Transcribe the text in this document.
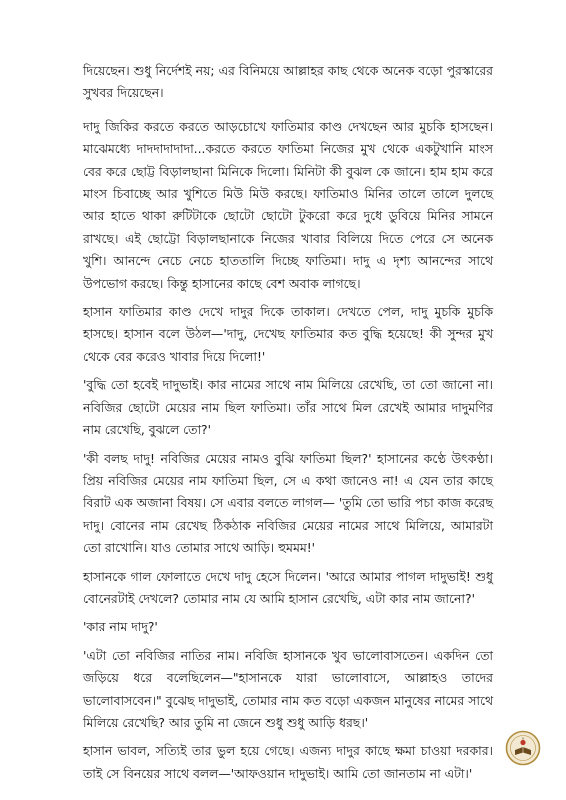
দিয়েছেন। শুধু নির্দেশই নয়; এর বিনিময়ে আল্লাহর কাছ থেকে অনেক বড়ো পুরস্কারের সুখবর দিয়েছেন।

দাদু জিকির করতে করতে আড়চোখে ফাতিমার কাণ্ড দেখছেন আর মুচকি হাসছেন। মাঝেমধ্যে দাদদাদাদাদা...করতে করতে ফাতিমা নিজের মুখ থেকে একটুখানি মাংস বের করে ছোট্ট বিড়ালছানা মিনিকে দিলো। মিনিটা কী বুঝল কে জানে। হাম হাম করে মাংস চিবাচ্ছে আর খুশিতে মিউ মিউ করছে। ফাতিমাও মিনির তালে তালে দুলছে আর হাতে থাকা রুটিটাকে ছোটো ছোটো টুকরো করে দুধে ডুবিয়ে মিনির সামনে রাখছে। এই ছোট্টো বিড়ালছানাকে নিজের খাবার বিলিয়ে দিতে পেরে সে অনেক খুশি। আনন্দে নেচে নেচে হাততালি দিচ্ছে ফাতিমা। দাদু এ দৃশ্য আনন্দের সাথে উপভোগ করছে। কিন্তু হাসানের কাছে বেশ অবাক লাগছে।

হাসান ফাতিমার কাণ্ড দেখে দাদুর দিকে তাকাল। দেখতে পেল, দাদু মুচকি মুচকি হাসছে। হাসান বলে উঠল—'দাদু, দেখেছ ফাতিমার কত বুদ্ধি হয়েছে! কী সুন্দর মুখ থেকে বের করেও খাবার দিয়ে দিলো!'

'বুদ্ধি তো হবেই দাদুভাই। কার নামের সাথে নাম মিলিয়ে রেখেছি, তা তো জানো না। নবিজির ছোটো মেয়ের নাম ছিল ফাতিমা। তাঁর সাথে মিল রেখেই আমার দাদুমণির নাম রেখেছি, বুঝলে তো?'

'কী বলছ দাদু! নবিজির মেয়ের নামও বুঝি ফাতিমা ছিল?' হাসানের কণ্ঠে উৎকণ্ঠা। প্রিয় নবিজির মেয়ের নাম ফাতিমা ছিল, সে এ কথা জানেও না! এ যেন তার কাছে বিরাট এক অজানা বিষয়। সে এবার বলতে লাগল— 'তুমি তো ভারি পচা কাজ করেছ দাদু। বোনের নাম রেখেছ ঠিকঠাক নবিজির মেয়ের নামের সাথে মিলিয়ে, আমারটা তো রাখোনি। যাও তোমার সাথে আড়ি। হুমমম!'

হাসানকে গাল ফোলাতে দেখে দাদু হেসে দিলেন। 'আরে আমার পাগল দাদুভাই! শুধু বোনেরটাই দেখলে? তোমার নাম যে আমি হাসান রেখেছি, এটা কার নাম জানো?'

'কার নাম দাদু?'

'এটা তো নবিজির নাতির নাম। নবিজি হাসানকে খুব ভালোবাসতেন। একদিন তো জড়িয়ে ধরে বলেছিলেন—"হাসানকে যারা ভালোবাসে, আল্লাহও তাদের ভালোবাসবেন।" বুঝেছ দাদুভাই, তোমার নাম কত বড়ো একজন মানুষের নামের সাথে মিলিয়ে রেখেছি? আর তুমি না জেনে শুধু শুধু আড়ি ধরছ।'

হাসান ভাবল, সত্যিই তার ভুল হয়ে গেছে। এজন্য দাদুর কাছে ক্ষমা চাওয়া দরকার। তাই সে বিনয়ের সাথে বলল—'আফওয়ান দাদুভাই। আমি তো জানতাম না এটা।'
